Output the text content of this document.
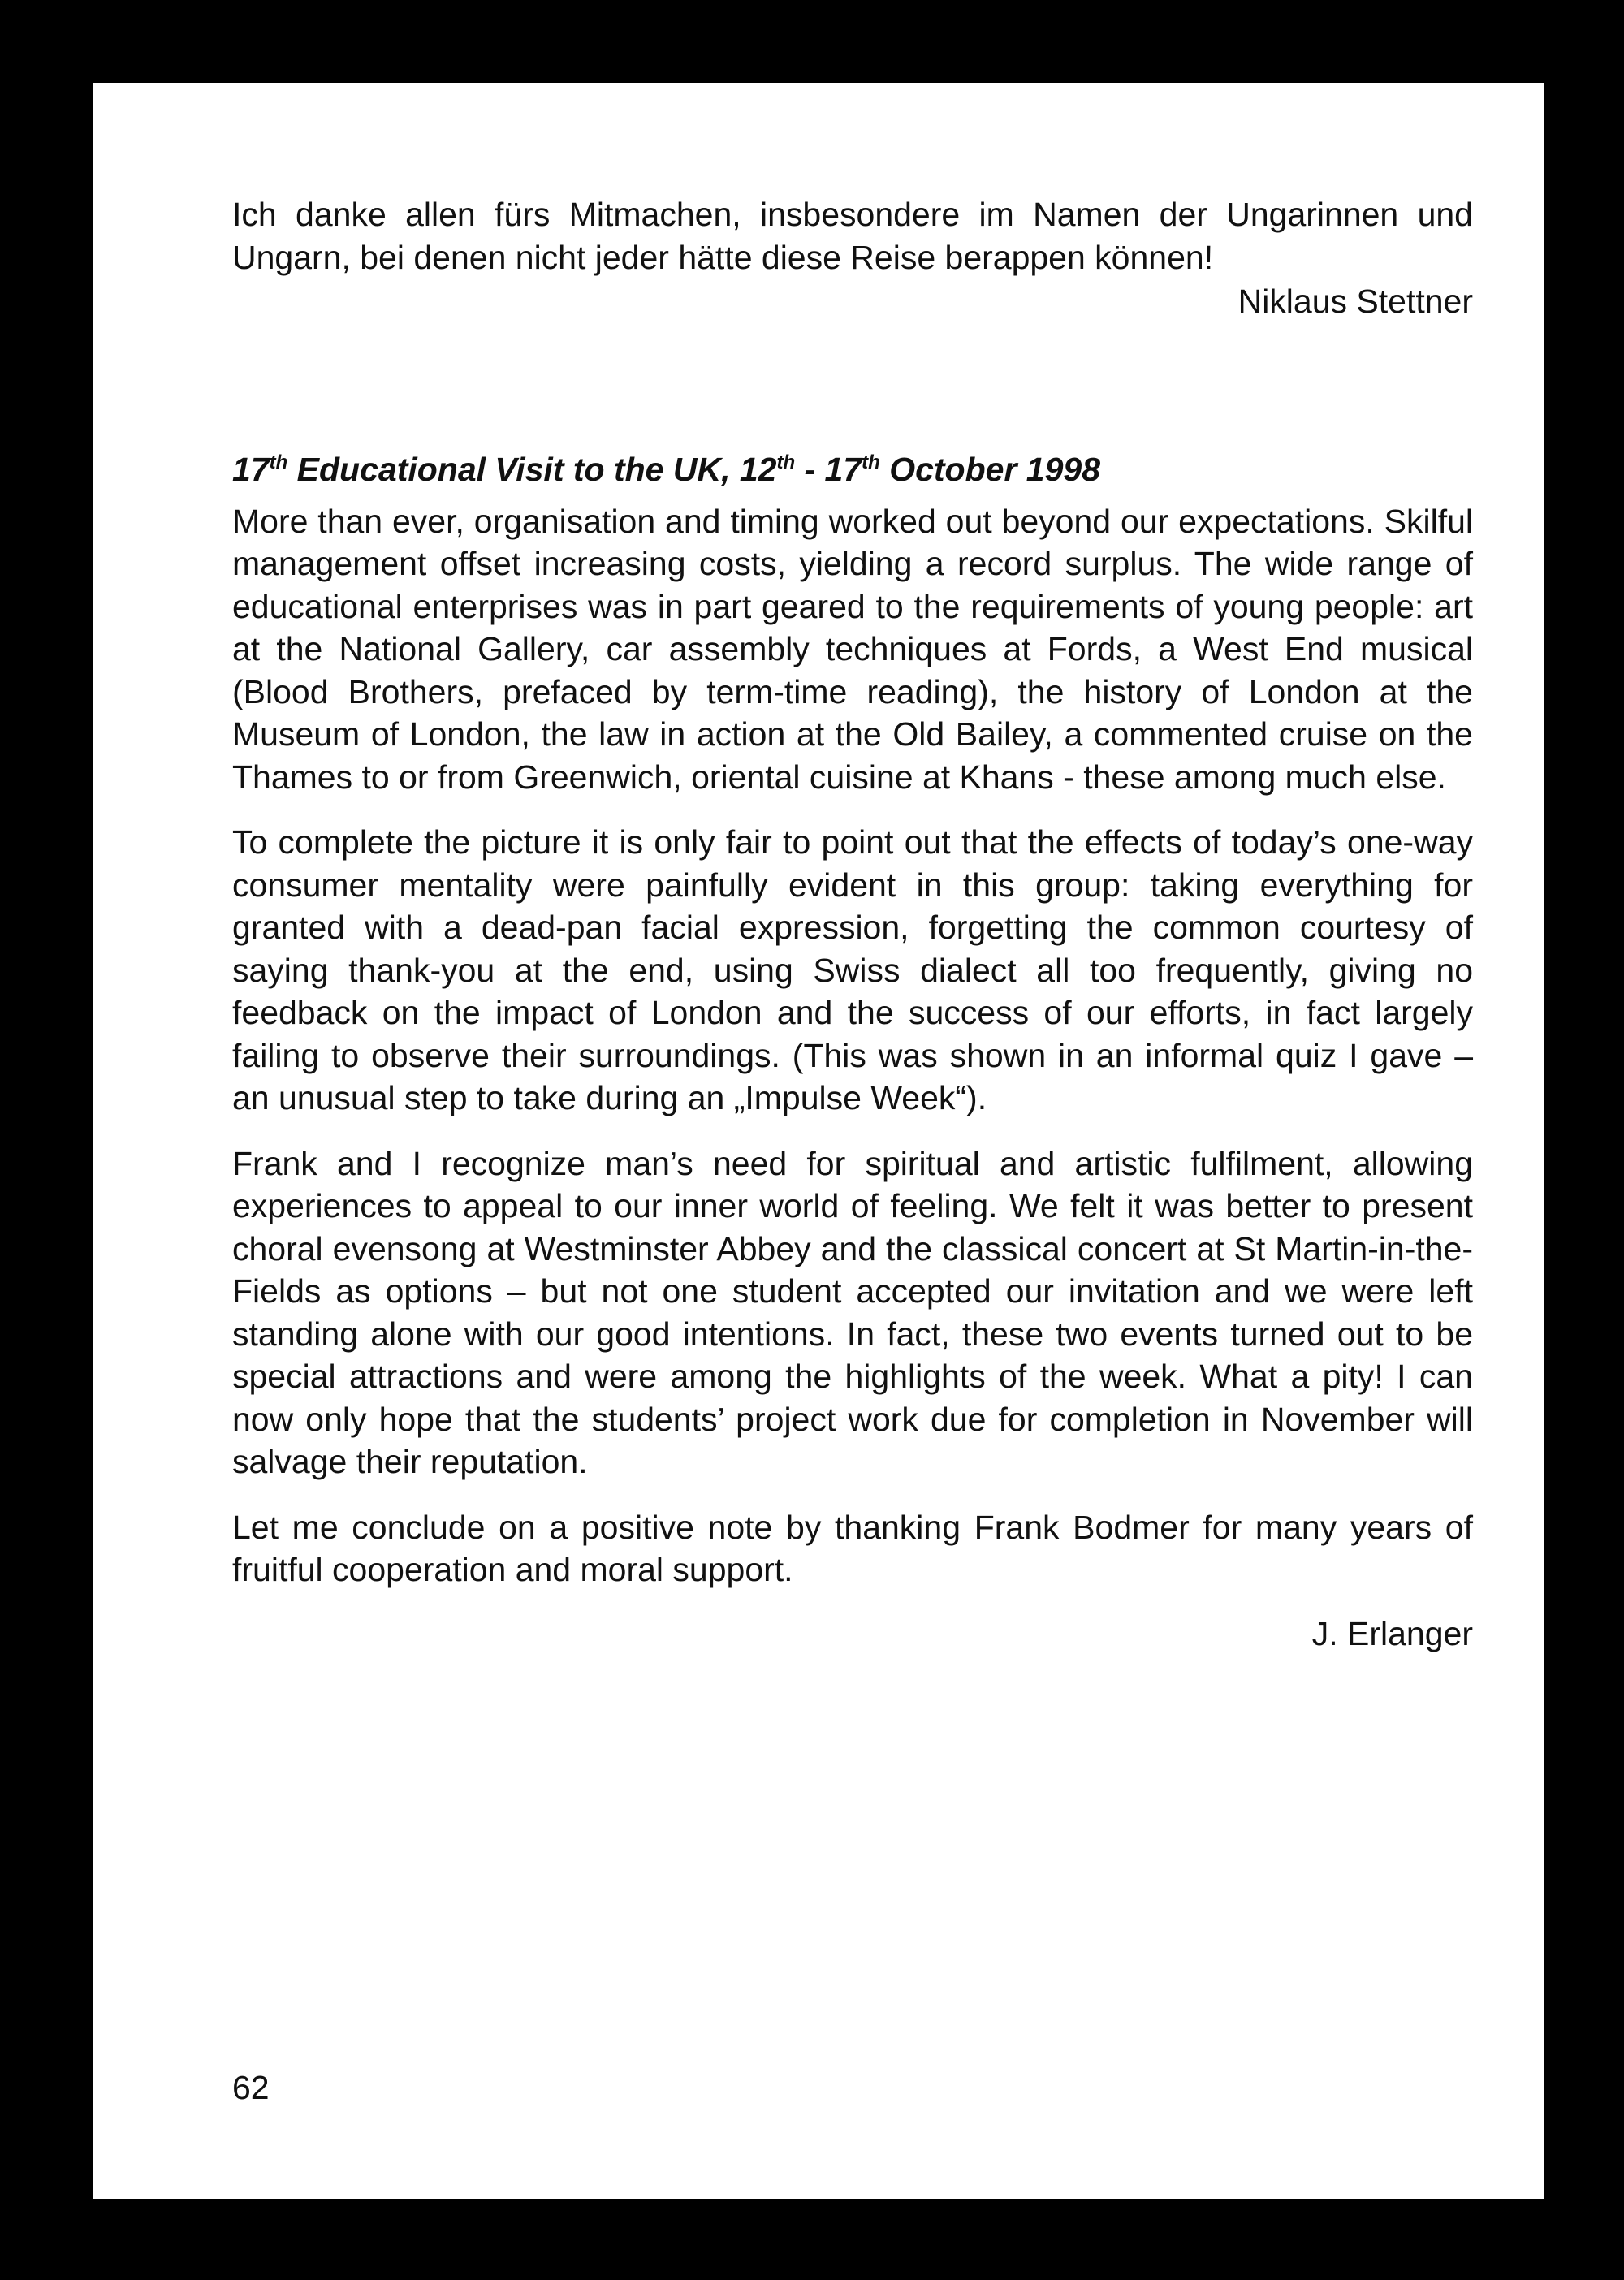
Ich danke allen fürs Mitmachen, insbesondere im Namen der Ungarinnen und Ungarn, bei denen nicht jeder hätte diese Reise berappen können!

Niklaus Stettner

17th Educational Visit to the UK, 12th - 17th October 1998

More than ever, organisation and timing worked out beyond our expectations. Skilful management offset increasing costs, yielding a record surplus. The wide range of educational enterprises was in part geared to the requirements of young people: art at the National Gallery, car assembly techniques at Fords, a West End musical (Blood Brothers, prefaced by term-time reading), the history of London at the Museum of London, the law in action at the Old Bailey, a commented cruise on the Thames to or from Greenwich, oriental cuisine at Khans - these among much else.

To complete the picture it is only fair to point out that the effects of today’s one-way consumer mentality were painfully evident in this group: taking everything for granted with a dead-pan facial expression, forgetting the common courtesy of saying thank-you at the end, using Swiss dialect all too frequently, giving no feedback on the impact of London and the success of our efforts, in fact largely failing to observe their surroundings. (This was shown in an informal quiz I gave – an unusual step to take during an „Impulse Week“).

Frank and I recognize man’s need for spiritual and artistic fulfilment, allowing experiences to appeal to our inner world of feeling. We felt it was better to present choral evensong at Westminster Abbey and the classical concert at St Martin-in-the-Fields as options – but not one student accepted our invitation and we were left standing alone with our good intentions. In fact, these two events turned out to be special attractions and were among the highlights of the week. What a pity! I can now only hope that the students’ project work due for completion in November will salvage their reputation.

Let me conclude on a positive note by thanking Frank Bodmer for many years of fruitful cooperation and moral support.

J. Erlanger

62
